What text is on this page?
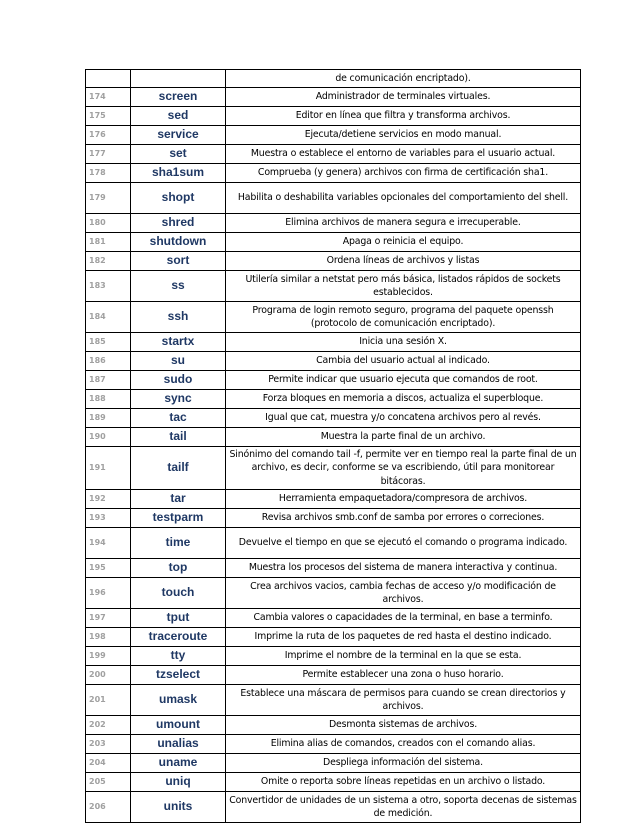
		de comunicación encriptado).
174	screen	Administrador de terminales virtuales.
175	sed	Editor en línea que filtra y transforma archivos.
176	service	Ejecuta/detiene servicios en modo manual.
177	set	Muestra o establece el entorno de variables para el usuario actual.
178	sha1sum	Comprueba (y genera) archivos con firma de certificación sha1.
179	shopt	Habilita o deshabilita variables opcionales del comportamiento del shell.
180	shred	Elimina archivos de manera segura e irrecuperable.
181	shutdown	Apaga o reinicia el equipo.
182	sort	Ordena líneas de archivos y listas
183	ss	Utilería similar a netstat pero más básica, listados rápidos de sockets establecidos.
184	ssh	Programa de login remoto seguro, programa del paquete openssh (protocolo de comunicación encriptado).
185	startx	Inicia una sesión X.
186	su	Cambia del usuario actual al indicado.
187	sudo	Permite indicar que usuario ejecuta que comandos de root.
188	sync	Forza bloques en memoria a discos, actualiza el superbloque.
189	tac	Igual que cat, muestra y/o concatena archivos pero al revés.
190	tail	Muestra la parte final de un archivo.
191	tailf	Sinónimo del comando tail -f, permite ver en tiempo real la parte final de un archivo, es decir, conforme se va escribiendo, útil para monitorear bitácoras.
192	tar	Herramienta empaquetadora/compresora de archivos.
193	testparm	Revisa archivos smb.conf de samba por errores o correciones.
194	time	Devuelve el tiempo en que se ejecutó el comando o programa indicado.
195	top	Muestra los procesos del sistema de manera interactiva y continua.
196	touch	Crea archivos vacios, cambia fechas de acceso y/o modificación de archivos.
197	tput	Cambia valores o capacidades de la terminal, en base a terminfo.
198	traceroute	Imprime la ruta de los paquetes de red hasta el destino indicado.
199	tty	Imprime el nombre de la terminal en la que se esta.
200	tzselect	Permite establecer una zona o huso horario.
201	umask	Establece una máscara de permisos para cuando se crean directorios y archivos.
202	umount	Desmonta sistemas de archivos.
203	unalias	Elimina alias de comandos, creados con el comando alias.
204	uname	Despliega información del sistema.
205	uniq	Omite o reporta sobre líneas repetidas en un archivo o listado.
206	units	Convertidor de unidades de un sistema a otro, soporta decenas de sistemas de medición.
